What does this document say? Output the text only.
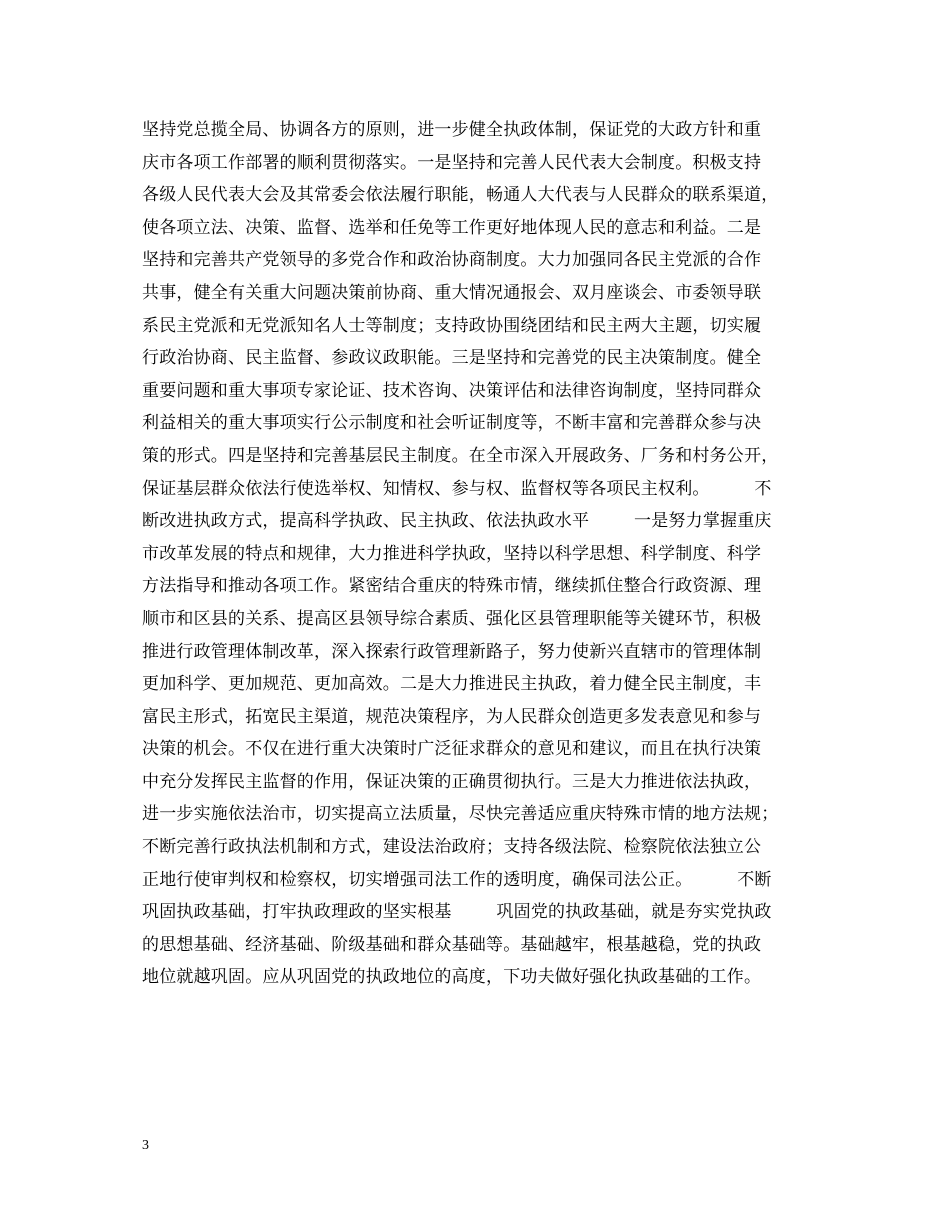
坚持党总揽全局、协调各方的原则，进一步健全执政体制，保证党的大政方针和重
庆市各项工作部署的顺利贯彻落实。一是坚持和完善人民代表大会制度。积极支持
各级人民代表大会及其常委会依法履行职能，畅通人大代表与人民群众的联系渠道，
使各项立法、决策、监督、选举和任免等工作更好地体现人民的意志和利益。二是
坚持和完善共产党领导的多党合作和政治协商制度。大力加强同各民主党派的合作
共事，健全有关重大问题决策前协商、重大情况通报会、双月座谈会、市委领导联
系民主党派和无党派知名人士等制度；支持政协围绕团结和民主两大主题，切实履
行政治协商、民主监督、参政议政职能。三是坚持和完善党的民主决策制度。健全
重要问题和重大事项专家论证、技术咨询、决策评估和法律咨询制度，坚持同群众
利益相关的重大事项实行公示制度和社会听证制度等，不断丰富和完善群众参与决
策的形式。四是坚持和完善基层民主制度。在全市深入开展政务、厂务和村务公开，
保证基层群众依法行使选举权、知情权、参与权、监督权等各项民主权利。        不
断改进执政方式，提高科学执政、民主执政、依法执政水平        一是努力掌握重庆
市改革发展的特点和规律，大力推进科学执政，坚持以科学思想、科学制度、科学
方法指导和推动各项工作。紧密结合重庆的特殊市情，继续抓住整合行政资源、理
顺市和区县的关系、提高区县领导综合素质、强化区县管理职能等关键环节，积极
推进行政管理体制改革，深入探索行政管理新路子，努力使新兴直辖市的管理体制
更加科学、更加规范、更加高效。二是大力推进民主执政，着力健全民主制度，丰
富民主形式，拓宽民主渠道，规范决策程序，为人民群众创造更多发表意见和参与
决策的机会。不仅在进行重大决策时广泛征求群众的意见和建议，而且在执行决策
中充分发挥民主监督的作用，保证决策的正确贯彻执行。三是大力推进依法执政，
进一步实施依法治市，切实提高立法质量，尽快完善适应重庆特殊市情的地方法规；
不断完善行政执法机制和方式，建设法治政府；支持各级法院、检察院依法独立公
正地行使审判权和检察权，切实增强司法工作的透明度，确保司法公正。        不断
巩固执政基础，打牢执政理政的坚实根基        巩固党的执政基础，就是夯实党执政
的思想基础、经济基础、阶级基础和群众基础等。基础越牢，根基越稳，党的执政
地位就越巩固。应从巩固党的执政地位的高度，下功夫做好强化执政基础的工作。
3
